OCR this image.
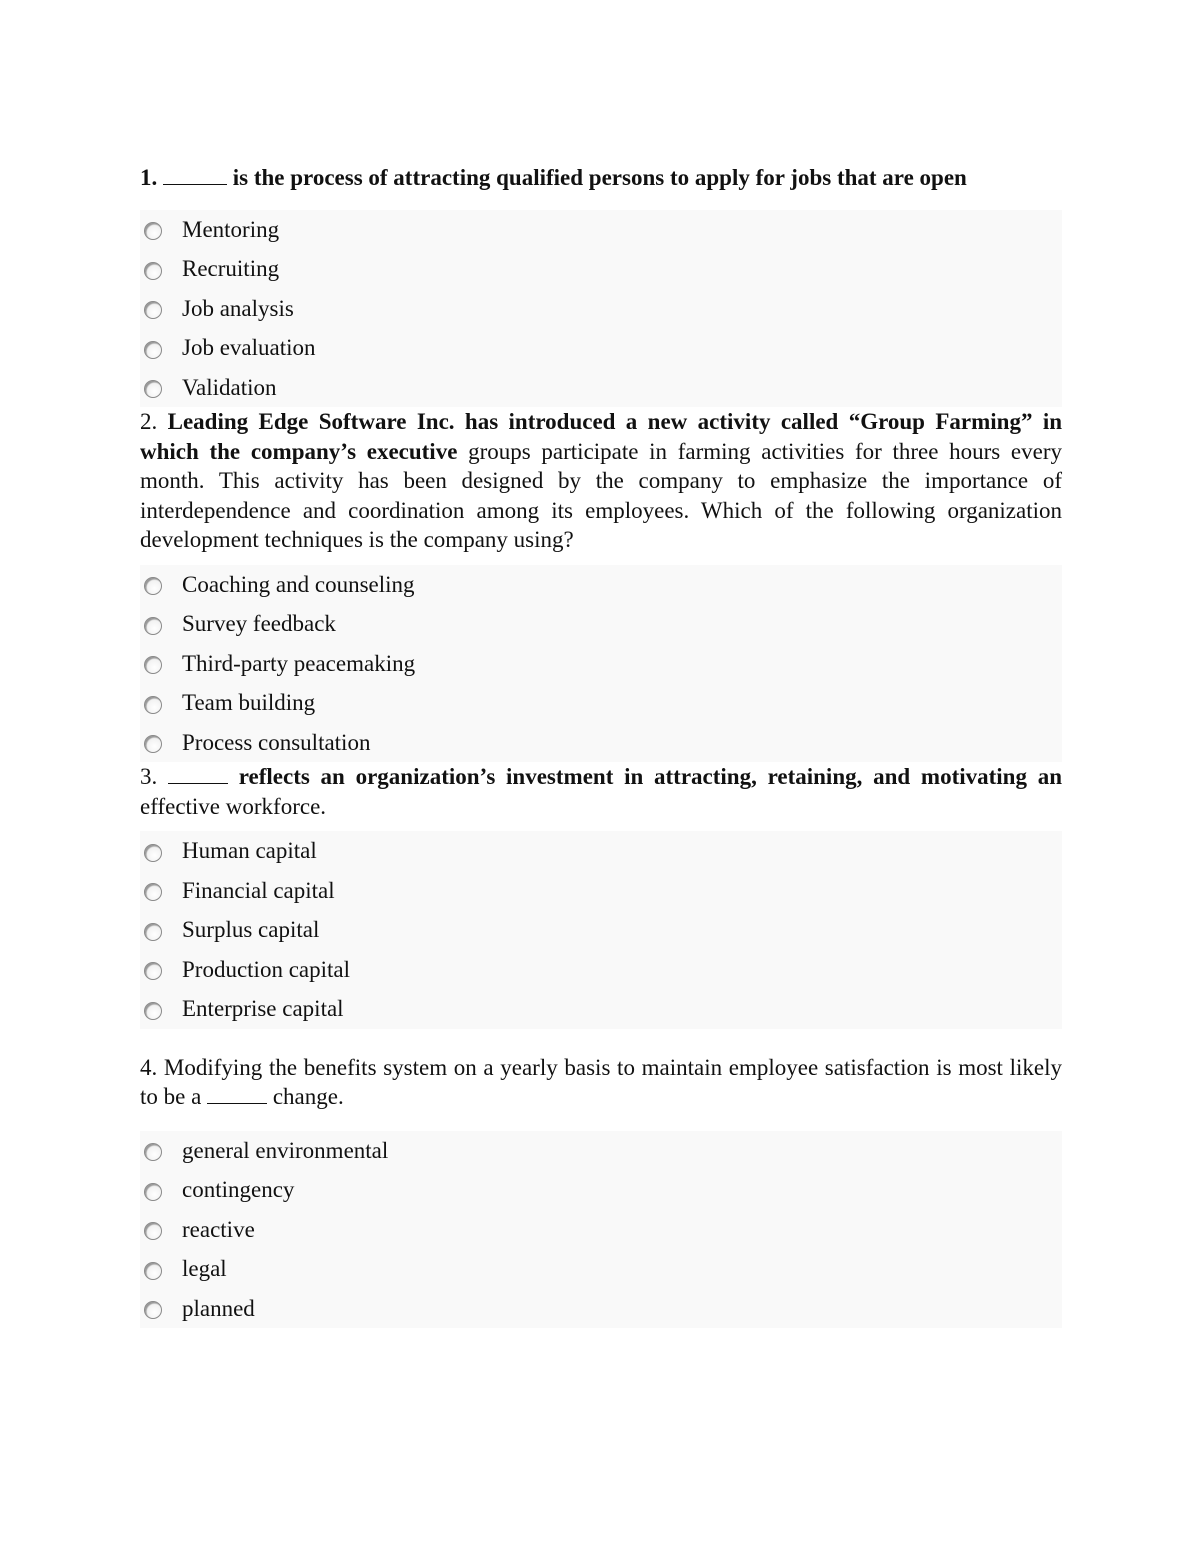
1.	is the process of attracting qualified persons to apply for jobs that are open

Mentoring
Recruiting
Job analysis
Job evaluation
Validation

2. Leading Edge Software Inc. has introduced a new activity called “Group Farming” in which the company’s executive groups participate in farming activities for three hours every month. This activity has been designed by the company to emphasize the importance of interdependence and coordination among its employees. Which of the following organization development techniques is the company using?

Coaching and counseling
Survey feedback
Third-party peacemaking
Team building
Process consultation

3.	reflects an organization’s investment in attracting, retaining, and motivating an effective workforce.

Human capital
Financial capital
Surplus capital
Production capital
Enterprise capital

4. Modifying the benefits system on a yearly basis to maintain employee satisfaction is most likely to be a	change.

general environmental
contingency
reactive
legal
planned
